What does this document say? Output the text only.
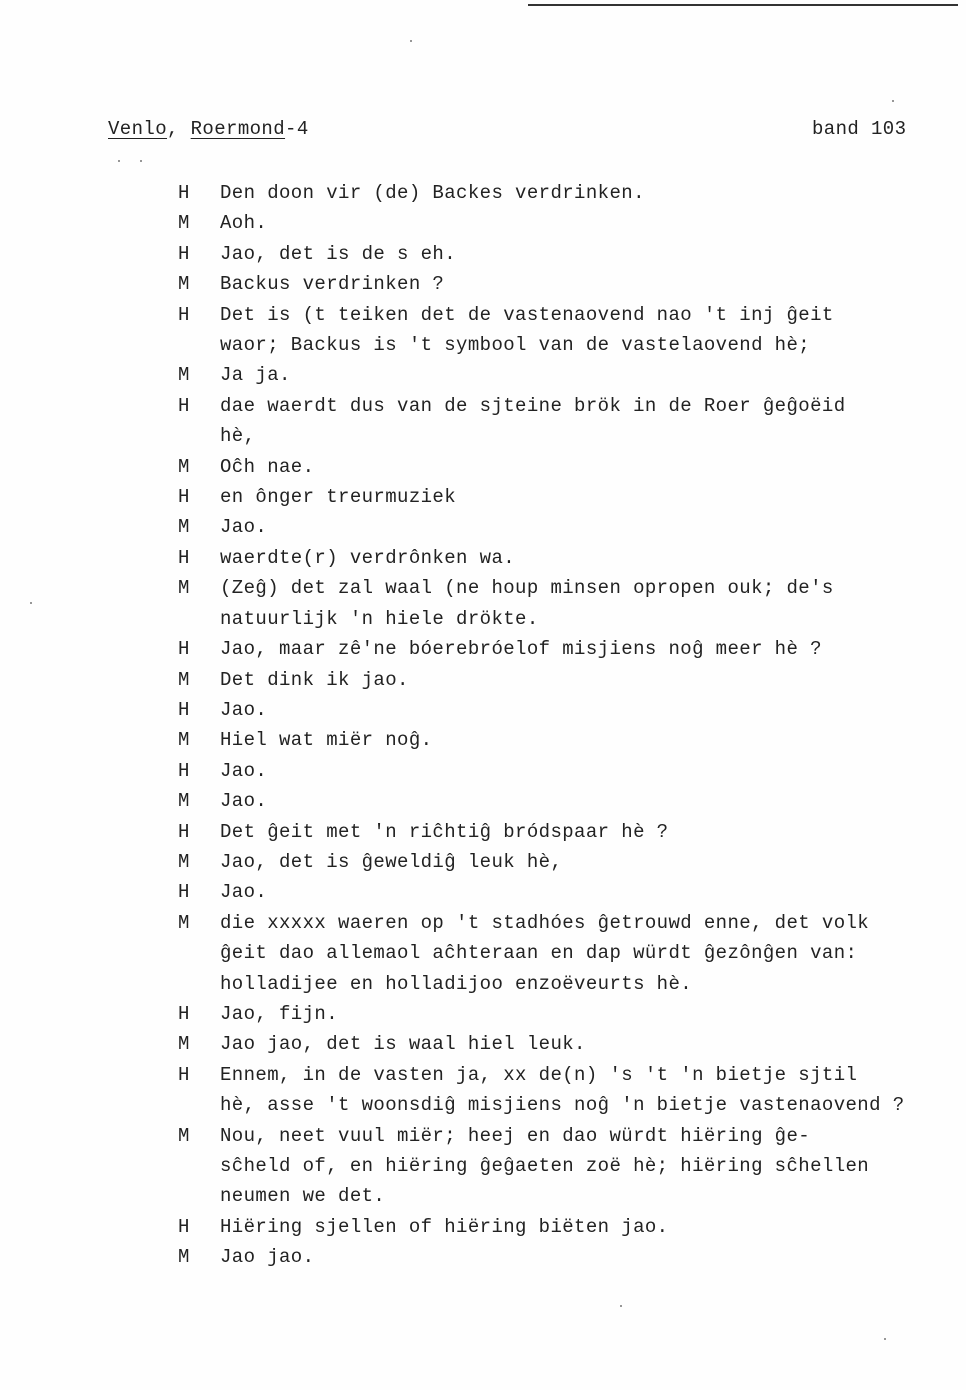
Venlo, Roermond-4	band 103
H	Den doon vir (de) Backes verdrinken.
M	Aoh.
H	Jao, det is de s eh.
M	Backus verdrinken ?
H	Det is (t teiken det de vastenaovend nao 't inj ĝeit
waor; Backus is 't symbool van de vastelaovend hè;
M	Ja ja.
H	dae waerdt dus van de sjteine brök in de Roer ĝeĝoëid
hè,
M	Oĉh nae.
H	en ônger treurmuziek
M	Jao.
H	waerdte(r) verdrônken wa.
M	(Zeĝ) det zal waal (ne houp minsen opropen ouk; de's
natuurlijk 'n hiele drökte.
H	Jao, maar zê'ne bóerebróelof misjiens noĝ meer hè ?
M	Det dink ik jao.
H	Jao.
M	Hiel wat miër noĝ.
H	Jao.
M	Jao.
H	Det ĝeit met 'n riĉhtiĝ bródspaar hè ?
M	Jao, det is ĝeweldiĝ leuk hè,
H	Jao.
M	die xxxxx waeren op 't stadhóes ĝetrouwd enne, det volk
ĝeit dao allemaol aĉhteraan en dap würdt ĝezônĝen van:
holladijee en holladijoo enzoëveurts hè.
H	Jao, fijn.
M	Jao jao, det is waal hiel leuk.
H	Ennem, in de vasten ja, xx de(n) 's 't 'n bietje sjtil
hè, asse 't woonsdiĝ misjiens noĝ 'n bietje vastenaovend ?
M	Nou, neet vuul miër; heej en dao würdt hiëring ĝe-
sĉheld of, en hiëring ĝeĝaeten zoë hè; hiëring sĉhellen
neumen we det.
H	Hiëring sjellen of hiëring biëten jao.
M	Jao jao.
